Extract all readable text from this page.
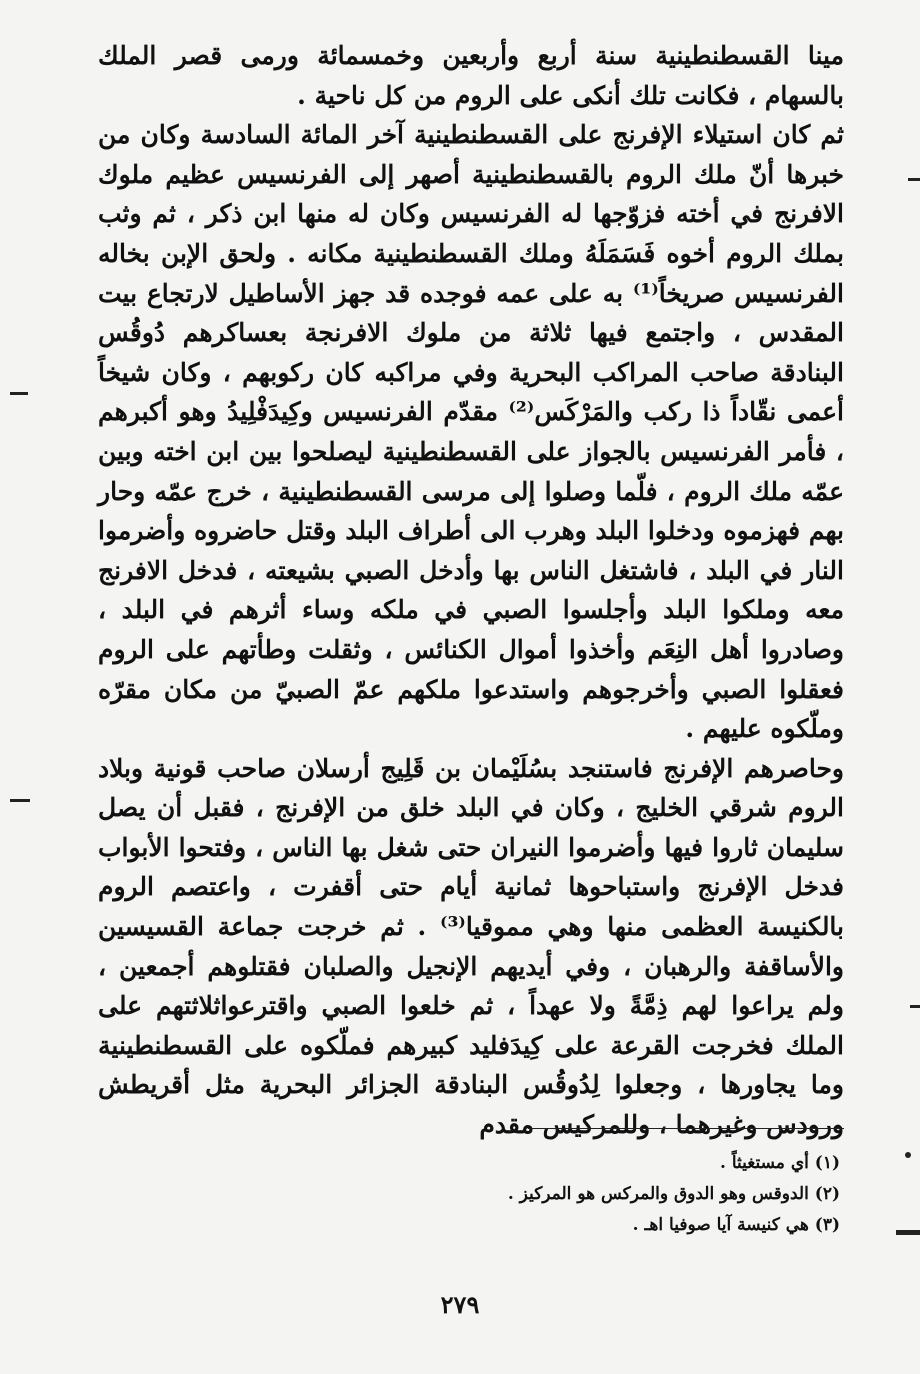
مينا القسطنطينية سنة أربع وأربعين وخمسمائة ورمى قصر الملك بالسهام ، فكانت تلك أنكى على الروم من كل ناحية .

ثم كان استيلاء الإفرنج على القسطنطينية آخر المائة السادسة وكان من خبرها أنّ ملك الروم بالقسطنطينية أصهر إلى الفرنسيس عظيم ملوك الافرنج في أخته فزوّجها له الفرنسيس وكان له منها ابن ذكر ، ثم وثب بملك الروم أخوه فَسَمَلَهُ وملك القسطنطينية مكانه . ولحق الإبن بخاله الفرنسيس صريخاً⁽¹⁾ به على عمه فوجده قد جهز الأساطيل لارتجاع بيت المقدس ، واجتمع فيها ثلاثة من ملوك الافرنجة بعساكرهم دُوقُس البنادقة صاحب المراكب البحرية وفي مراكبه كان ركوبهم ، وكان شيخاً أعمى نقّاداً ذا ركب والمَرْكَس⁽²⁾ مقدّم الفرنسيس وكِيدَفْلِيدُ وهو أكبرهم ، فأمر الفرنسيس بالجواز على القسطنطينية ليصلحوا بين ابن اخته وبين عمّه ملك الروم ، فلّما وصلوا إلى مرسى القسطنطينية ، خرج عمّه وحار بهم فهزموه ودخلوا البلد وهرب الى أطراف البلد وقتل حاضروه وأضرموا النار في البلد ، فاشتغل الناس بها وأدخل الصبي بشيعته ، فدخل الافرنج معه وملكوا البلد وأجلسوا الصبي في ملكه وساء أثرهم في البلد ، وصادروا أهل النِعَم وأخذوا أموال الكنائس ، وثقلت وطأتهم على الروم فعقلوا الصبي وأخرجوهم واستدعوا ملكهم عمّ الصبيّ من مكان مقرّه وملّكوه عليهم .

وحاصرهم الإفرنج فاستنجد بسُلَيْمان بن قَلِيج أرسلان صاحب قونية وبلاد الروم شرقي الخليج ، وكان في البلد خلق من الإفرنج ، فقبل أن يصل سليمان ثاروا فيها وأضرموا النيران حتى شغل بها الناس ، وفتحوا الأبواب فدخل الإفرنج واستباحوها ثمانية أيام حتى أقفرت ، واعتصم الروم بالكنيسة العظمى منها وهي مموقيا⁽³⁾ . ثم خرجت جماعة القسيسين والأساقفة والرهبان ، وفي أيديهم الإنجيل والصلبان فقتلوهم أجمعين ، ولم يراعوا لهم ذِمَّةً ولا عهداً ، ثم خلعوا الصبي واقترعواثلاثتهم على الملك فخرجت القرعة على كِيدَفليد كبيرهم فملّكوه على القسطنطينية وما يجاورها ، وجعلوا لِدُوقُس البنادقة الجزائر البحرية مثل أقريطش ورودس وغيرهما ، وللمركيس مقدم

(١) أي مستغيثاً .

(٢) الدوقس وهو الدوق والمركس هو المركيز .

(٣) هي كنيسة آيا صوفيا اهـ .

٢٧٩
